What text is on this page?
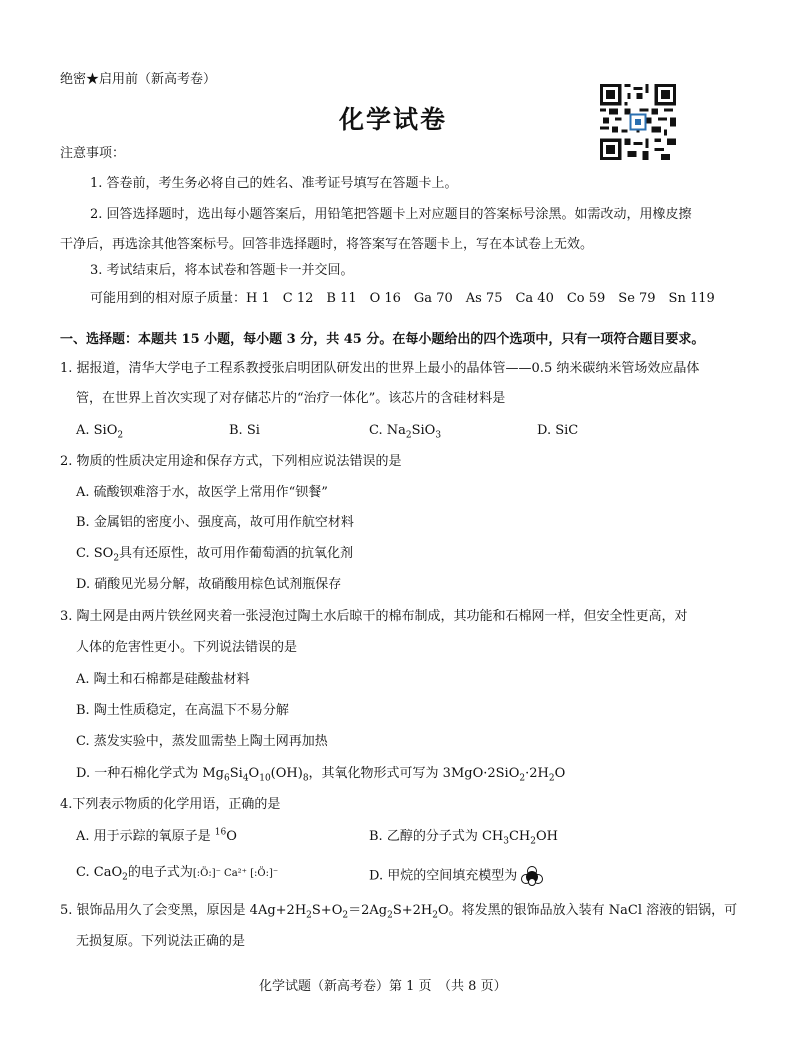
绝密★启用前（新高考卷）
化学试卷
注意事项：
1. 答卷前，考生务必将自己的姓名、准考证号填写在答题卡上。
2. 回答选择题时，选出每小题答案后，用铅笔把答题卡上对应题目的答案标号涂黑。如需改动，用橡皮擦
干净后，再选涂其他答案标号。回答非选择题时，将答案写在答题卡上，写在本试卷上无效。
3. 考试结束后，将本试卷和答题卡一并交回。
可能用到的相对原子质量：H 1　C 12　B 11　O 16　Ga 70　As 75　Ca 40　Co 59　Se 79　Sn 119
一、选择题：本题共 15 小题，每小题 3 分，共 45 分。在每小题给出的四个选项中，只有一项符合题目要求。
1. 据报道，清华大学电子工程系教授张启明团队研发出的世界上最小的晶体管——0.5 纳米碳纳米管场效应晶体
管，在世界上首次实现了对存储芯片的“治疗一体化”。该芯片的含硅材料是
A. SiO$_2$	B. Si	C. $Na_2SiO_3$	D. SiC
2. 物质的性质决定用途和保存方式，下列相应说法错误的是
A. 硫酸钡难溶于水，故医学上常用作“钡餐”
B. 金属铝的密度小、强度高，故可用作航空材料
C. $SO_2$具有还原性，故可用作葡萄酒的抗氧化剂
D. 硝酸见光易分解，故硝酸用棕色试剂瓶保存
3. 陶土网是由两片铁丝网夹着一张浸泡过陶土水后晾干的棉布制成，其功能和石棉网一样，但安全性更高，对
人体的危害性更小。下列说法错误的是
A. 陶土和石棉都是硅酸盐材料
B. 陶土性质稳定，在高温下不易分解
C. 蒸发实验中，蒸发皿需垫上陶土网再加热
D. 一种石棉化学式为 $Mg_6Si_4O_{10}(OH)_8$，其氧化物形式可写为 $3MgO\cdot 2SiO_2\cdot 2H_2O$
4.下列表示物质的化学用语，正确的是
A. 用于示踪的氧原子是 $^{16}$O	B. 乙醇的分子式为 $CH_3CH_2OH$
C. CaO$_2$的电子式为[:Ö:]⁻ Ca²⁺ [:Ö:]⁻	D. 甲烷的空间填充模型为
5. 银饰品用久了会变黑，原因是 $4Ag+2H_2S+O_2=2Ag_2S+2H_2O$。将发黑的银饰品放入装有 NaCl 溶液的铝锅，可
无损复原。下列说法正确的是
化学试题（新高考卷）第 1 页　（共 8 页）
